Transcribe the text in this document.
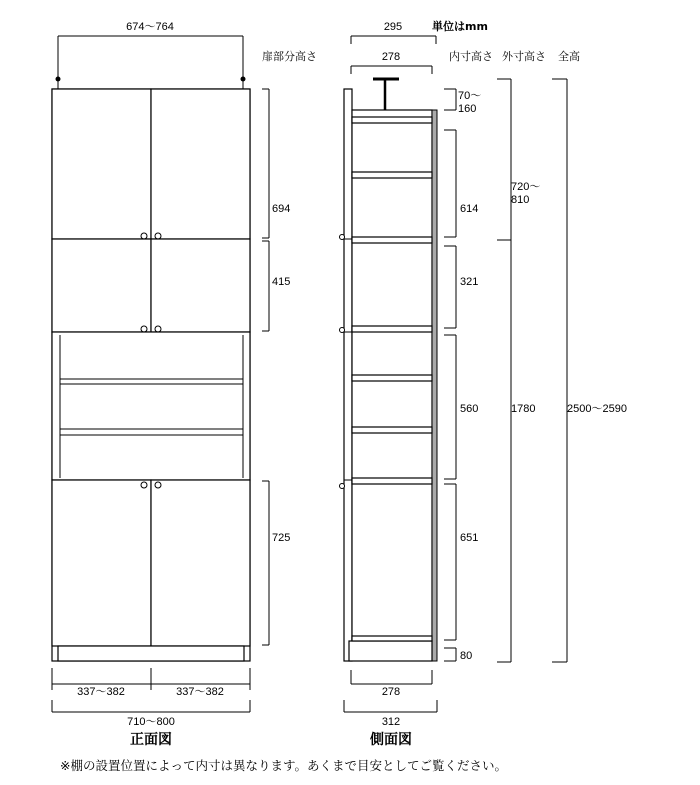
674～764
694
415
725
337～382	337～382
710～800
正面図
扉部分高さ
単位はmm
内寸高さ 外寸高さ 全高
295
278
70～ 160
614
321
560
651
80
720～ 810
1780	2500～2590
278
312
側面図
※棚の設置位置によって内寸は異なります。あくまで目安としてご覧ください。
